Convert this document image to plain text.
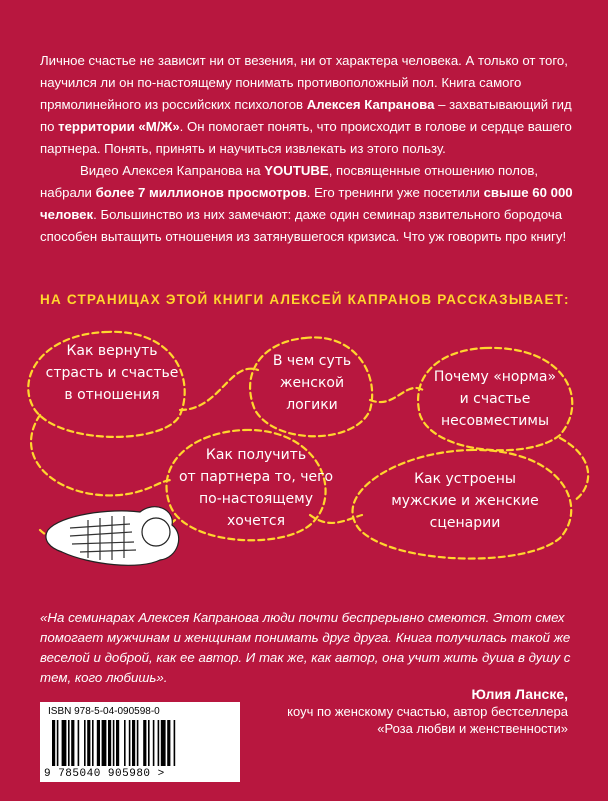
Личное счастье не зависит ни от везения, ни от характера человека. А только от того, научился ли он по-настоящему понимать противоположный пол. Книга самого прямолинейного из российских психологов Алексея Капранова – захватывающий гид по территории «М/Ж». Он помогает понять, что происходит в голове и сердце вашего партнера. Понять, принять и научиться извлекать из этого пользу.

Видео Алексея Капранова на YOUTUBE, посвященные отношению полов, набрали более 7 миллионов просмотров. Его тренинги уже посетили свыше 60 000 человек. Большинство из них замечают: даже один семинар язвительного бородоча способен вытащить отношения из затянувшегося кризиса. Что уж говорить про книгу!

НА СТРАНИЦАХ ЭТОЙ КНИГИ АЛЕКСЕЙ КАПРАНОВ РАССКАЗЫВАЕТ:
Как вернуть
страсть и счастье
в отношения
В чем суть
женской
логики
Почему «норма»
и счастье
несовместимы
Как получить
от партнера то, чего
по-настоящему
хочется
Как устроены
мужские и женские
сценарии
«На семинарах Алексея Капранова люди почти беспрерывно смеются. Этот смех помогает мужчинам и женщинам понимать друг друга. Книга получилась такой же веселой и доброй, как ее автор. И так же, как автор, она учит жить душа в душу с тем, кого любишь».
ISBN 978-5-04-090598-0
9 785040 905980 >
Юлия Ланске,
коуч по женскому счастью, автор бестселлера
«Роза любви и женственности»
